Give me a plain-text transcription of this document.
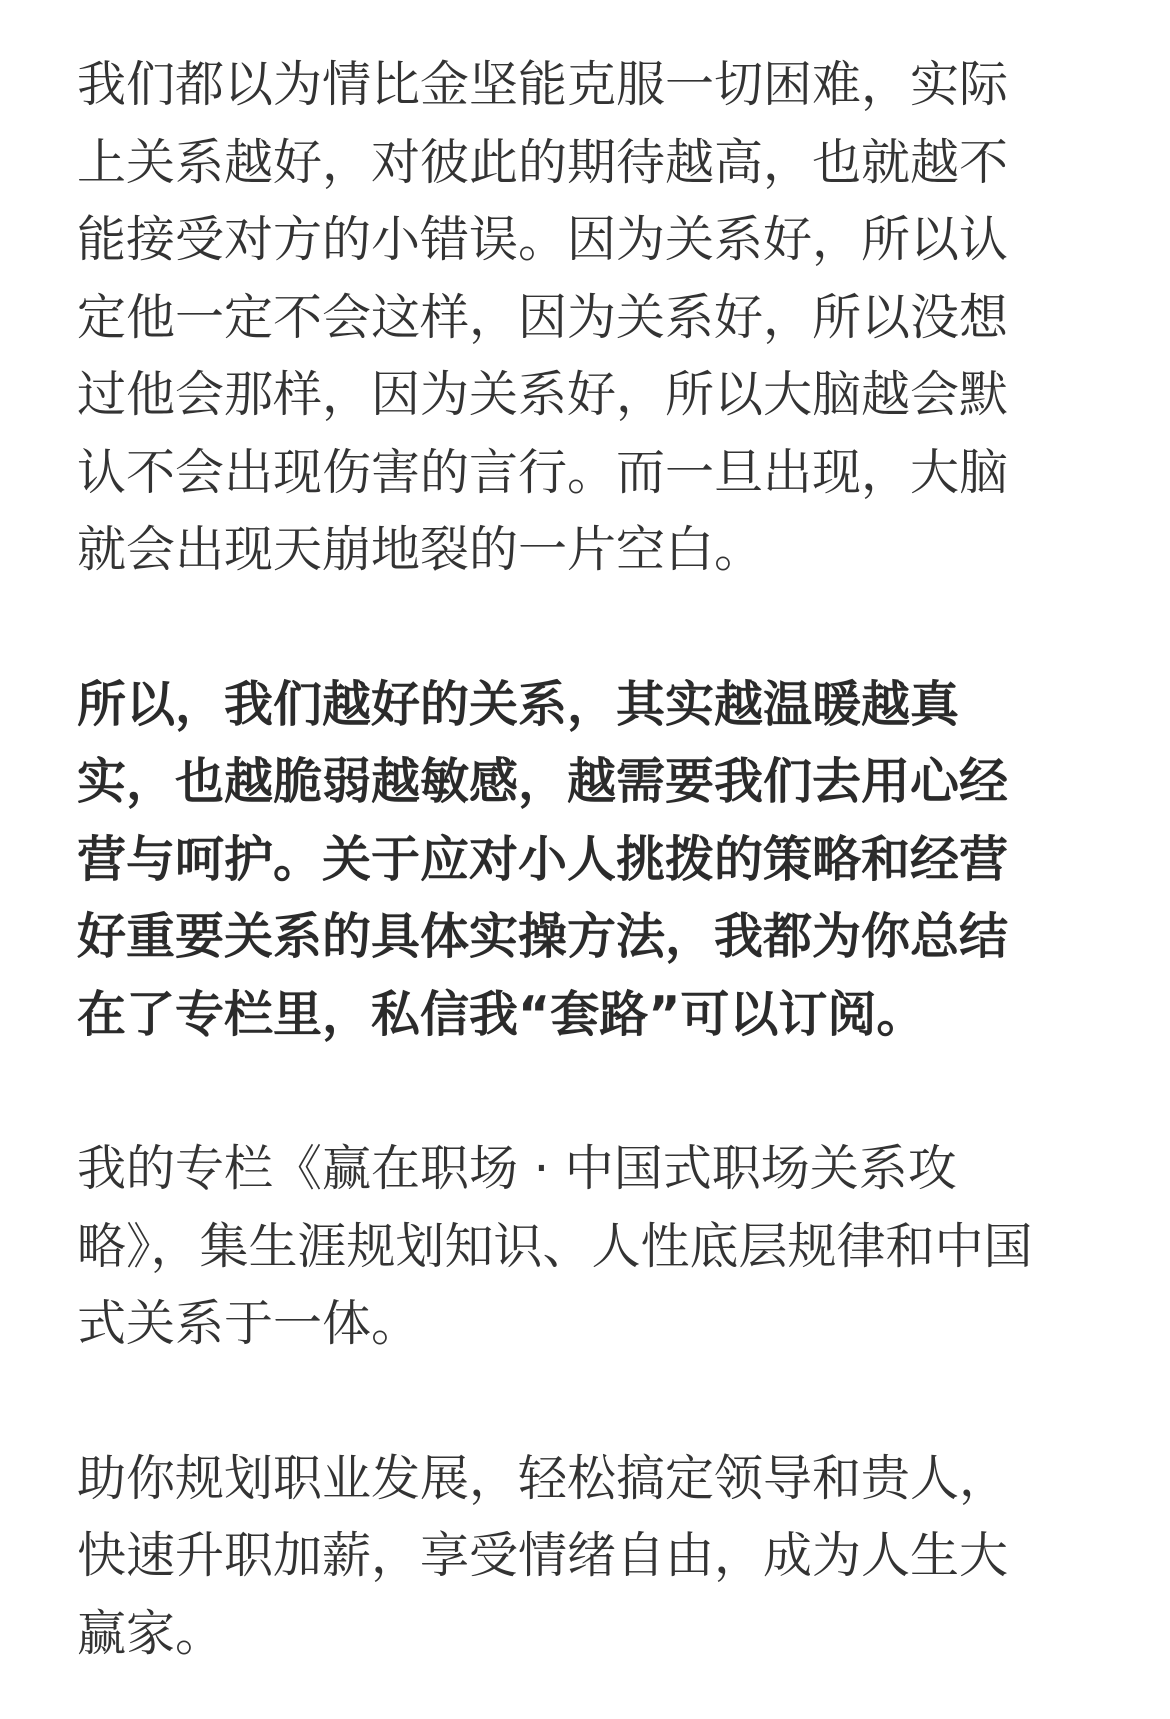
我们都以为情比金坚能克服一切困难，实际
上关系越好，对彼此的期待越高，也就越不
能接受对方的小错误。因为关系好，所以认
定他一定不会这样，因为关系好，所以没想
过他会那样，因为关系好，所以大脑越会默
认不会出现伤害的言行。而一旦出现，大脑
就会出现天崩地裂的一片空白。
所以，我们越好的关系，其实越温暖越真
实，也越脆弱越敏感，越需要我们去用心经
营与呵护。关于应对小人挑拨的策略和经营
好重要关系的具体实操方法，我都为你总结
在了专栏里，私信我“套路”可以订阅。
我的专栏《赢在职场 · 中国式职场关系攻
略》，集生涯规划知识、人性底层规律和中国
式关系于一体。
助你规划职业发展，轻松搞定领导和贵人，
快速升职加薪，享受情绪自由，成为人生大
赢家。
